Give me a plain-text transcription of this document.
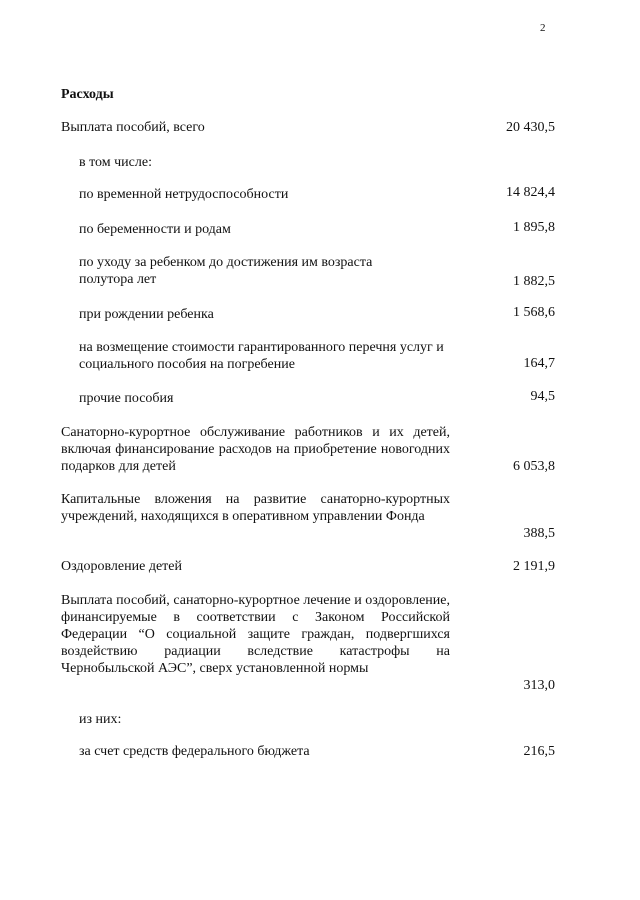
2
Расходы
Выплата пособий, всего	20 430,5
в том числе:
по временной нетрудоспособности	14 824,4
по беременности и родам	1 895,8
по уходу за ребенком до достижения им возраста полутора лет	1 882,5
при рождении ребенка	1 568,6
на возмещение стоимости гарантированного перечня услуг и социального пособия на погребение	164,7
прочие пособия	94,5
Санаторно-курортное обслуживание работников и их детей, включая финансирование расходов на приобретение новогодних подарков для детей	6 053,8
Капитальные вложения на развитие санаторно-курортных учреждений, находящихся в оперативном управлении Фонда
388,5
Оздоровление детей	2 191,9
Выплата пособий, санаторно-курортное лечение и оздоровление, финансируемые в соответствии с Законом Российской Федерации “О социальной защите граждан, подвергшихся воздействию радиации вследствие катастрофы на Чернобыльской АЭС”, сверх установленной нормы
313,0
из них:
за счет средств федерального бюджета	216,5
